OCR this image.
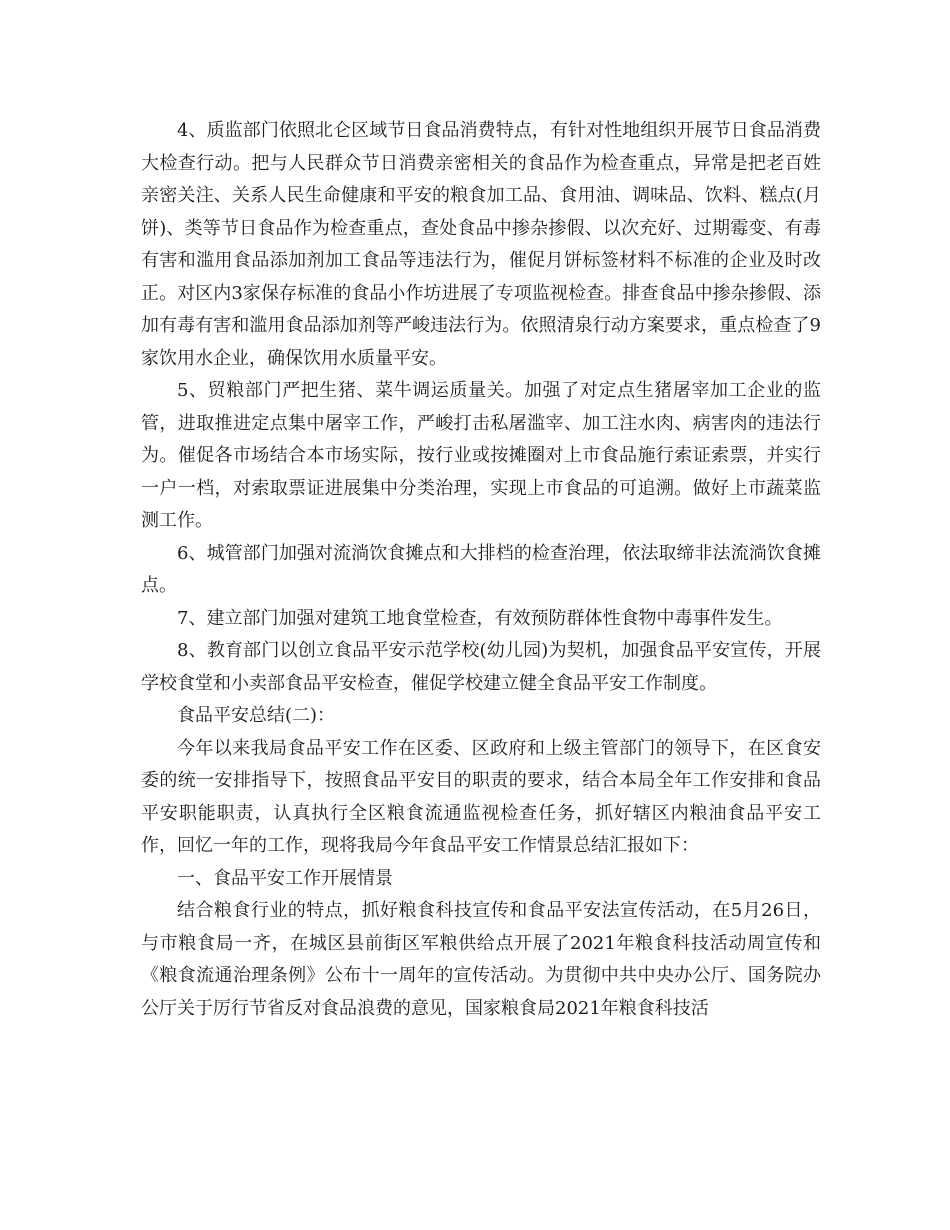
4、质监部门依照北仑区域节日食品消费特点，有针对性地组织开展节日食品消费大检查行动。把与人民群众节日消费亲密相关的食品作为检查重点，异常是把老百姓亲密关注、关系人民生命健康和平安的粮食加工品、食用油、调味品、饮料、糕点(月饼)、类等节日食品作为检查重点，查处食品中掺杂掺假、以次充好、过期霉变、有毒有害和滥用食品添加剂加工食品等违法行为，催促月饼标签材料不标准的企业及时改正。对区内3家保存标准的食品小作坊进展了专项监视检查。排查食品中掺杂掺假、添加有毒有害和滥用食品添加剂等严峻违法行为。依照清泉行动方案要求，重点检查了9家饮用水企业，确保饮用水质量平安。

5、贸粮部门严把生猪、菜牛调运质量关。加强了对定点生猪屠宰加工企业的监管，进取推进定点集中屠宰工作，严峻打击私屠滥宰、加工注水肉、病害肉的违法行为。催促各市场结合本市场实际，按行业或按摊圈对上市食品施行索证索票，并实行一户一档，对索取票证进展集中分类治理，实现上市食品的可追溯。做好上市蔬菜监测工作。

6、城管部门加强对流淌饮食摊点和大排档的检查治理，依法取缔非法流淌饮食摊点。

7、建立部门加强对建筑工地食堂检查，有效预防群体性食物中毒事件发生。

8、教育部门以创立食品平安示范学校(幼儿园)为契机，加强食品平安宣传，开展学校食堂和小卖部食品平安检查，催促学校建立健全食品平安工作制度。

食品平安总结(二)：

今年以来我局食品平安工作在区委、区政府和上级主管部门的领导下，在区食安委的统一安排指导下，按照食品平安目的职责的要求，结合本局全年工作安排和食品平安职能职责，认真执行全区粮食流通监视检查任务，抓好辖区内粮油食品平安工作，回忆一年的工作，现将我局今年食品平安工作情景总结汇报如下：

一、食品平安工作开展情景

结合粮食行业的特点，抓好粮食科技宣传和食品平安法宣传活动，在5月26日，与市粮食局一齐，在城区县前街区军粮供给点开展了2021年粮食科技活动周宣传和《粮食流通治理条例》公布十一周年的宣传活动。为贯彻中共中央办公厅、国务院办公厅关于厉行节省反对食品浪费的意见，国家粮食局2021年粮食科技活
